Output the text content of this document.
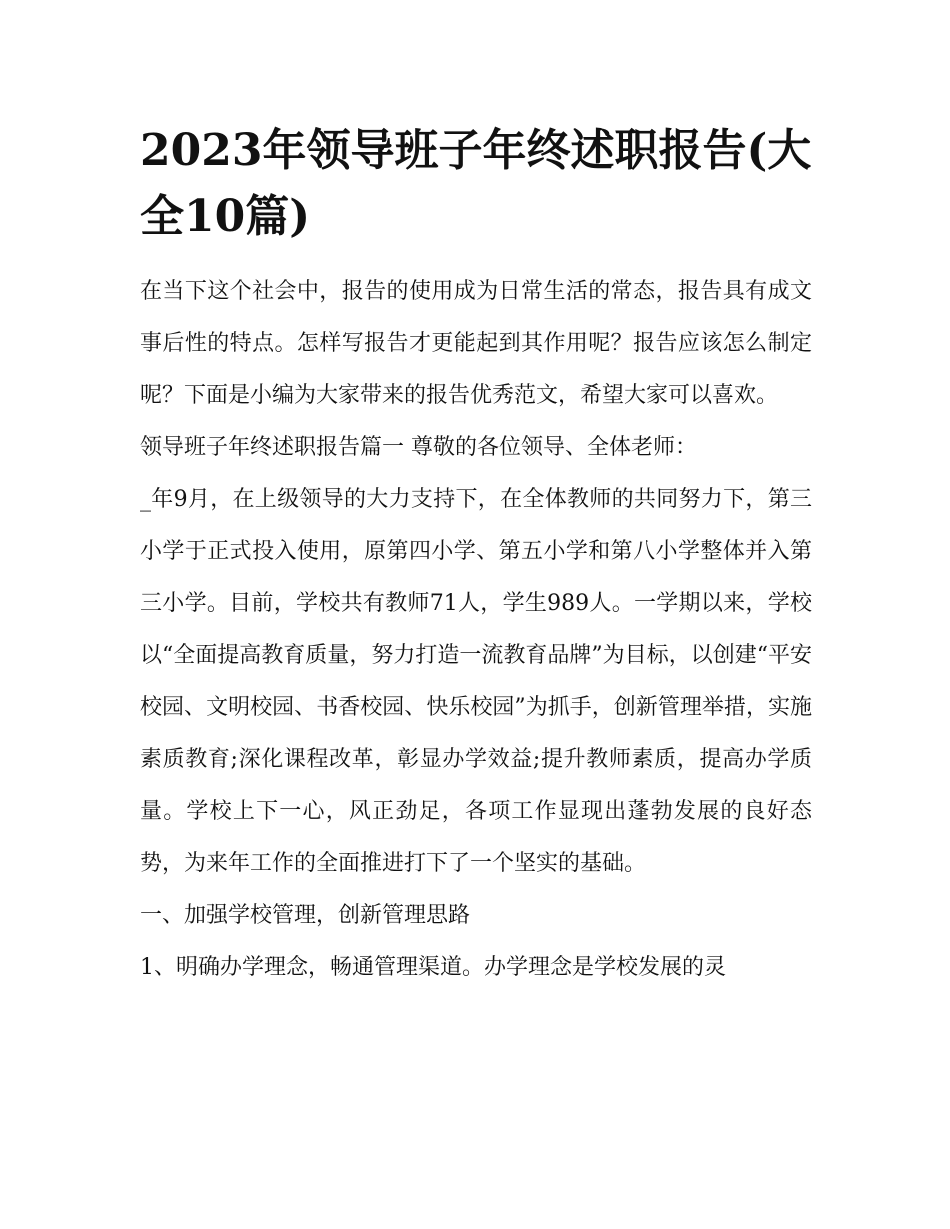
2023年领导班子年终述职报告(大全10篇)

在当下这个社会中，报告的使用成为日常生活的常态，报告具有成文事后性的特点。怎样写报告才更能起到其作用呢？报告应该怎么制定呢？下面是小编为大家带来的报告优秀范文，希望大家可以喜欢。

领导班子年终述职报告篇一 尊敬的各位领导、全体老师：

_年9月，在上级领导的大力支持下，在全体教师的共同努力下，第三小学于正式投入使用，原第四小学、第五小学和第八小学整体并入第三小学。目前，学校共有教师71人，学生989人。一学期以来，学校以“全面提高教育质量，努力打造一流教育品牌”为目标，以创建“平安校园、文明校园、书香校园、快乐校园”为抓手，创新管理举措，实施素质教育;深化课程改革，彰显办学效益;提升教师素质，提高办学质量。学校上下一心，风正劲足，各项工作显现出蓬勃发展的良好态势，为来年工作的全面推进打下了一个坚实的基础。

一、加强学校管理，创新管理思路

1、明确办学理念，畅通管理渠道。办学理念是学校发展的灵
